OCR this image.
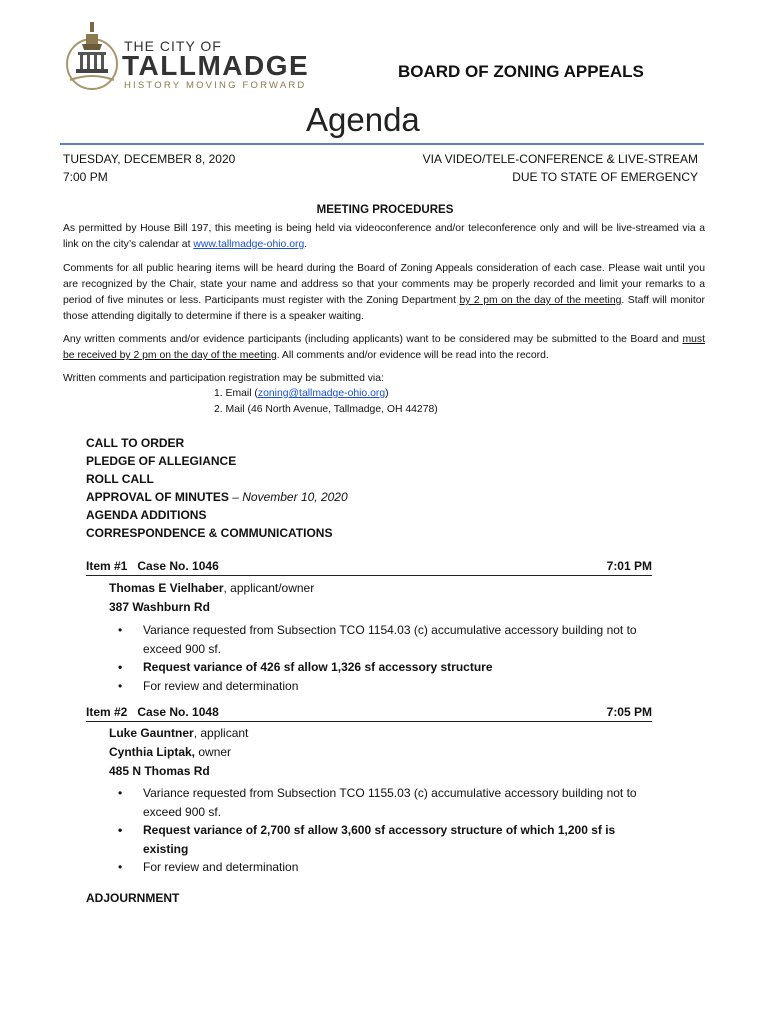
THE CITY OF
TALLMADGE
HISTORY MOVING FORWARD
BOARD OF ZONING APPEALS
Agenda
TUESDAY, DECEMBER 8, 2020
7:00 PM
VIA VIDEO/TELE-CONFERENCE & LIVE-STREAM
DUE TO STATE OF EMERGENCY
MEETING PROCEDURES
As permitted by House Bill 197, this meeting is being held via videoconference and/or teleconference only and will be live-streamed via a link on the city’s calendar at www.tallmadge-ohio.org.
Comments for all public hearing items will be heard during the Board of Zoning Appeals consideration of each case. Please wait until you are recognized by the Chair, state your name and address so that your comments may be properly recorded and limit your remarks to a period of five minutes or less. Participants must register with the Zoning Department by 2 pm on the day of the meeting. Staff will monitor those attending digitally to determine if there is a speaker waiting.
Any written comments and/or evidence participants (including applicants) want to be considered may be submitted to the Board and must be received by 2 pm on the day of the meeting. All comments and/or evidence will be read into the record.
Written comments and participation registration may be submitted via:
1. Email (zoning@tallmadge-ohio.org)
2. Mail (46 North Avenue, Tallmadge, OH 44278)
CALL TO ORDER
PLEDGE OF ALLEGIANCE
ROLL CALL
APPROVAL OF MINUTES – November 10, 2020
AGENDA ADDITIONS
CORRESPONDENCE & COMMUNICATIONS
Item #1   Case No. 1046	7:01 PM
Thomas E Vielhaber, applicant/owner
387 Washburn Rd
• Variance requested from Subsection TCO 1154.03 (c) accumulative accessory building not to exceed 900 sf.
• Request variance of 426 sf allow 1,326 sf accessory structure
• For review and determination
Item #2   Case No. 1048	7:05 PM
Luke Gauntner, applicant
Cynthia Liptak, owner
485 N Thomas Rd
• Variance requested from Subsection TCO 1155.03 (c) accumulative accessory building not to exceed 900 sf.
• Request variance of 2,700 sf allow 3,600 sf accessory structure of which 1,200 sf is existing
• For review and determination
ADJOURNMENT
